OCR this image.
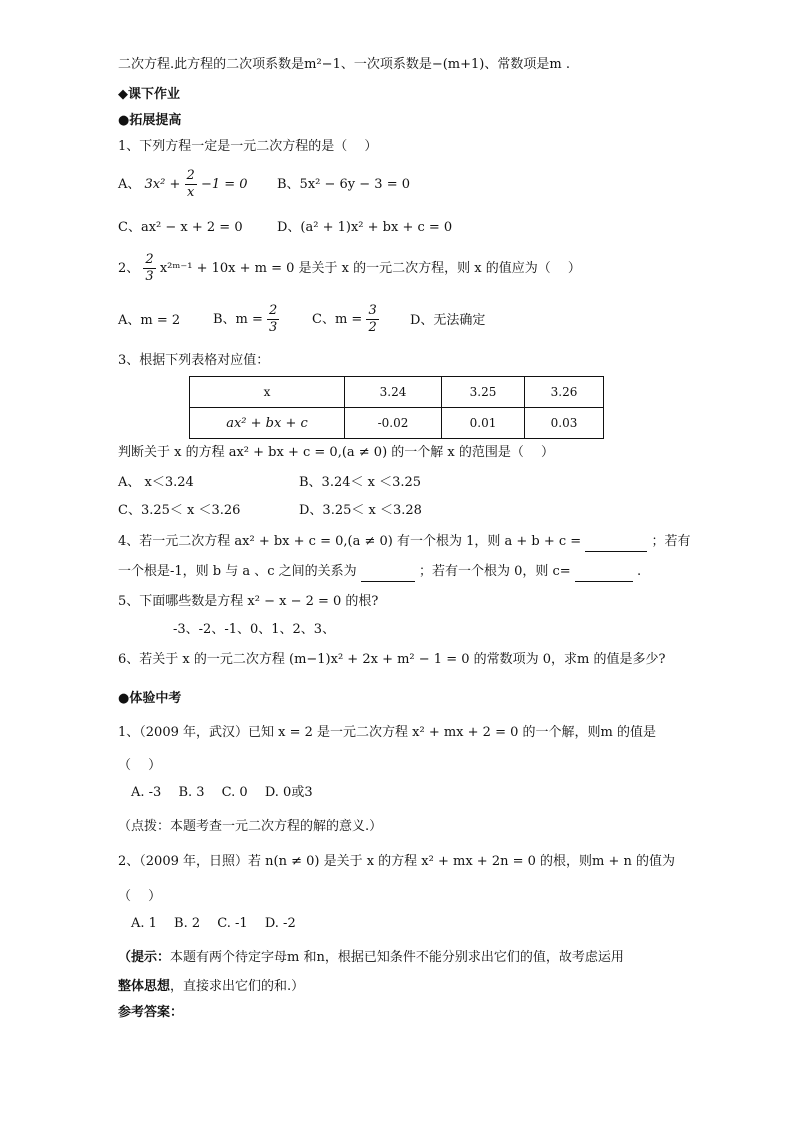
二次方程.此方程的二次项系数是m²−1、一次项系数是−(m+1)、常数项是m .
◆课下作业
●拓展提高
1、下列方程一定是一元二次方程的是（　 ）
A、 $3x^2 + \frac{2}{x} -1 = 0$ B、5x² − 6y − 3 = 0
C、ax² − x + 2 = 0	D、(a² + 1)x² + bx + c = 0
2、 $\frac{2}{3}$ x²ᵐ⁻¹ + 10x + m = 0 是关于 x 的一元二次方程，则 x 的值应为（　 ）
A、m = 2	B、$m = \frac{2}{3}$	C、$m = \frac{3}{2}$ D、无法确定
3、根据下列表格对应值：
x	3.24	3.25	3.26
ax² + bx + c	-0.02	0.01	0.03
判断关于 x 的方程 ax² + bx + c = 0,(a ≠ 0) 的一个解 x 的范围是（　 ）
A、 x＜3.24	B、3.24＜ x ＜3.25
C、3.25＜ x ＜3.26	D、3.25＜ x ＜3.28
4、若一元二次方程 ax² + bx + c = 0,(a ≠ 0) 有一个根为 1，则 a + b + c =	；若有
一个根是-1，则 b 与 a 、c 之间的关系为	；若有一个根为 0，则 c=	.
5、下面哪些数是方程 x² − x − 2 = 0 的根?
-3、-2、-1、0、1、2、3、
6、若关于 x 的一元二次方程 (m−1)x² + 2x + m² − 1 = 0 的常数项为 0，求m 的值是多少?
●体验中考
1、（2009 年，武汉）已知 x = 2 是一元二次方程 x² + mx + 2 = 0 的一个解，则m 的值是
（　 ）
A. -3　 B. 3　 C. 0　 D. 0或3
（点拨：本题考查一元二次方程的解的意义.）
2、（2009 年，日照）若 n(n ≠ 0) 是关于 x 的方程 x² + mx + 2n = 0 的根，则m + n 的值为
（　 ）
A. 1　 B. 2　 C. -1　 D. -2
（提示：本题有两个待定字母m 和n，根据已知条件不能分别求出它们的值，故考虑运用
整体思想，直接求出它们的和.）
参考答案：
